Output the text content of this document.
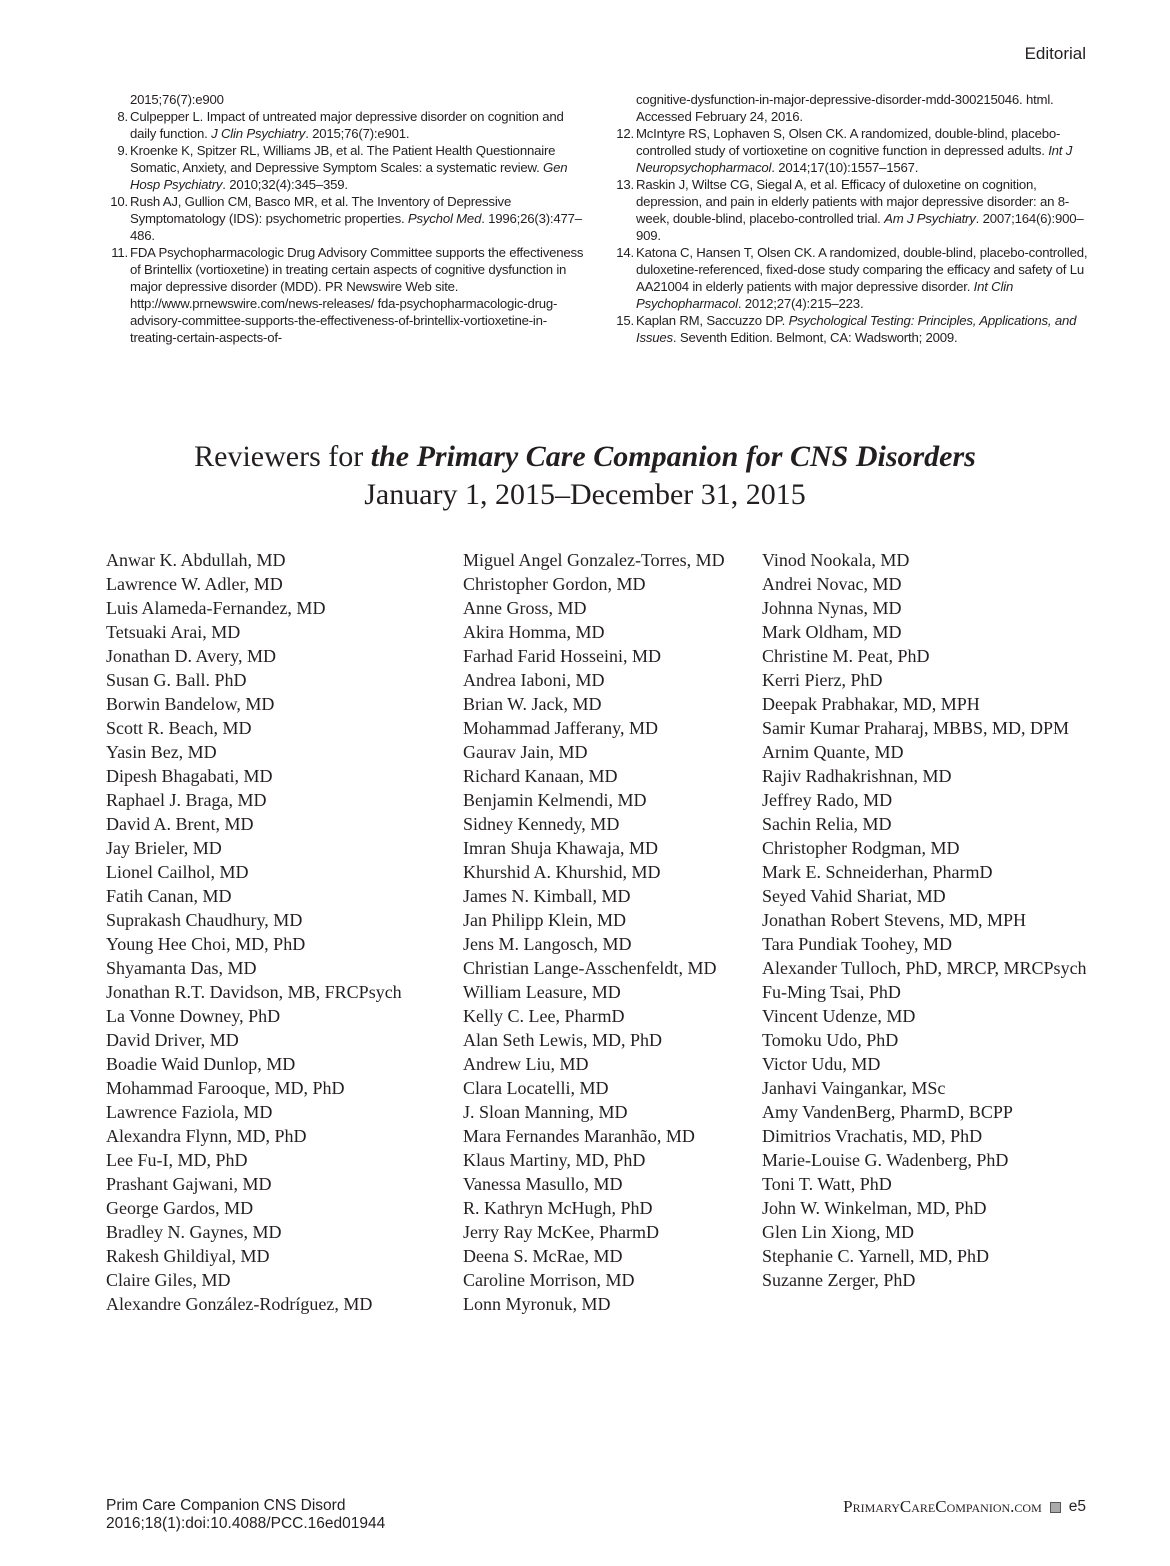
Editorial
2015;76(7):e900
8. Culpepper L. Impact of untreated major depressive disorder on cognition and daily function. J Clin Psychiatry. 2015;76(7):e901.
9. Kroenke K, Spitzer RL, Williams JB, et al. The Patient Health Questionnaire Somatic, Anxiety, and Depressive Symptom Scales: a systematic review. Gen Hosp Psychiatry. 2010;32(4):345–359.
10. Rush AJ, Gullion CM, Basco MR, et al. The Inventory of Depressive Symptomatology (IDS): psychometric properties. Psychol Med. 1996;26(3):477–486.
11. FDA Psychopharmacologic Drug Advisory Committee supports the effectiveness of Brintellix (vortioxetine) in treating certain aspects of cognitive dysfunction in major depressive disorder (MDD). PR Newswire Web site. http://www.prnewswire.com/news-releases/ fda-psychopharmacologic-drug-advisory-committee-supports-the-effectiveness-of-brintellix-vortioxetine-in-treating-certain-aspects-of-
cognitive-dysfunction-in-major-depressive-disorder-mdd-300215046. html. Accessed February 24, 2016.
12. McIntyre RS, Lophaven S, Olsen CK. A randomized, double-blind, placebo-controlled study of vortioxetine on cognitive function in depressed adults. Int J Neuropsychopharmacol. 2014;17(10):1557–1567.
13. Raskin J, Wiltse CG, Siegal A, et al. Efficacy of duloxetine on cognition, depression, and pain in elderly patients with major depressive disorder: an 8-week, double-blind, placebo-controlled trial. Am J Psychiatry. 2007;164(6):900–909.
14. Katona C, Hansen T, Olsen CK. A randomized, double-blind, placebo-controlled, duloxetine-referenced, fixed-dose study comparing the efficacy and safety of Lu AA21004 in elderly patients with major depressive disorder. Int Clin Psychopharmacol. 2012;27(4):215–223.
15. Kaplan RM, Saccuzzo DP. Psychological Testing: Principles, Applications, and Issues. Seventh Edition. Belmont, CA: Wadsworth; 2009.
Reviewers for the Primary Care Companion for CNS Disorders
January 1, 2015–December 31, 2015
Anwar K. Abdullah, MD
Lawrence W. Adler, MD
Luis Alameda-Fernandez, MD
Tetsuaki Arai, MD
Jonathan D. Avery, MD
Susan G. Ball. PhD
Borwin Bandelow, MD
Scott R. Beach, MD
Yasin Bez, MD
Dipesh Bhagabati, MD
Raphael J. Braga, MD
David A. Brent, MD
Jay Brieler, MD
Lionel Cailhol, MD
Fatih Canan, MD
Suprakash Chaudhury, MD
Young Hee Choi, MD, PhD
Shyamanta Das, MD
Jonathan R.T. Davidson, MB, FRCPsych
La Vonne Downey, PhD
David Driver, MD
Boadie Waid Dunlop, MD
Mohammad Farooque, MD, PhD
Lawrence Faziola, MD
Alexandra Flynn, MD, PhD
Lee Fu-I, MD, PhD
Prashant Gajwani, MD
George Gardos, MD
Bradley N. Gaynes, MD
Rakesh Ghildiyal, MD
Claire Giles, MD
Alexandre González-Rodríguez, MD
Miguel Angel Gonzalez-Torres, MD
Christopher Gordon, MD
Anne Gross, MD
Akira Homma, MD
Farhad Farid Hosseini, MD
Andrea Iaboni, MD
Brian W. Jack, MD
Mohammad Jafferany, MD
Gaurav Jain, MD
Richard Kanaan, MD
Benjamin Kelmendi, MD
Sidney Kennedy, MD
Imran Shuja Khawaja, MD
Khurshid A. Khurshid, MD
James N. Kimball, MD
Jan Philipp Klein, MD
Jens M. Langosch, MD
Christian Lange-Asschenfeldt, MD
William Leasure, MD
Kelly C. Lee, PharmD
Alan Seth Lewis, MD, PhD
Andrew Liu, MD
Clara Locatelli, MD
J. Sloan Manning, MD
Mara Fernandes Maranhão, MD
Klaus Martiny, MD, PhD
Vanessa Masullo, MD
R. Kathryn McHugh, PhD
Jerry Ray McKee, PharmD
Deena S. McRae, MD
Caroline Morrison, MD
Lonn Myronuk, MD
Vinod Nookala, MD
Andrei Novac, MD
Johnna Nynas, MD
Mark Oldham, MD
Christine M. Peat, PhD
Kerri Pierz, PhD
Deepak Prabhakar, MD, MPH
Samir Kumar Praharaj, MBBS, MD, DPM
Arnim Quante, MD
Rajiv Radhakrishnan, MD
Jeffrey Rado, MD
Sachin Relia, MD
Christopher Rodgman, MD
Mark E. Schneiderhan, PharmD
Seyed Vahid Shariat, MD
Jonathan Robert Stevens, MD, MPH
Tara Pundiak Toohey, MD
Alexander Tulloch, PhD, MRCP, MRCPsych
Fu-Ming Tsai, PhD
Vincent Udenze, MD
Tomoku Udo, PhD
Victor Udu, MD
Janhavi Vaingankar, MSc
Amy VandenBerg, PharmD, BCPP
Dimitrios Vrachatis, MD, PhD
Marie-Louise G. Wadenberg, PhD
Toni T. Watt, PhD
John W. Winkelman, MD, PhD
Glen Lin Xiong, MD
Stephanie C. Yarnell, MD, PhD
Suzanne Zerger, PhD
Prim Care Companion CNS Disord
2016;18(1):doi:10.4088/PCC.16ed01944
PrimaryCareCompanion.com e5
